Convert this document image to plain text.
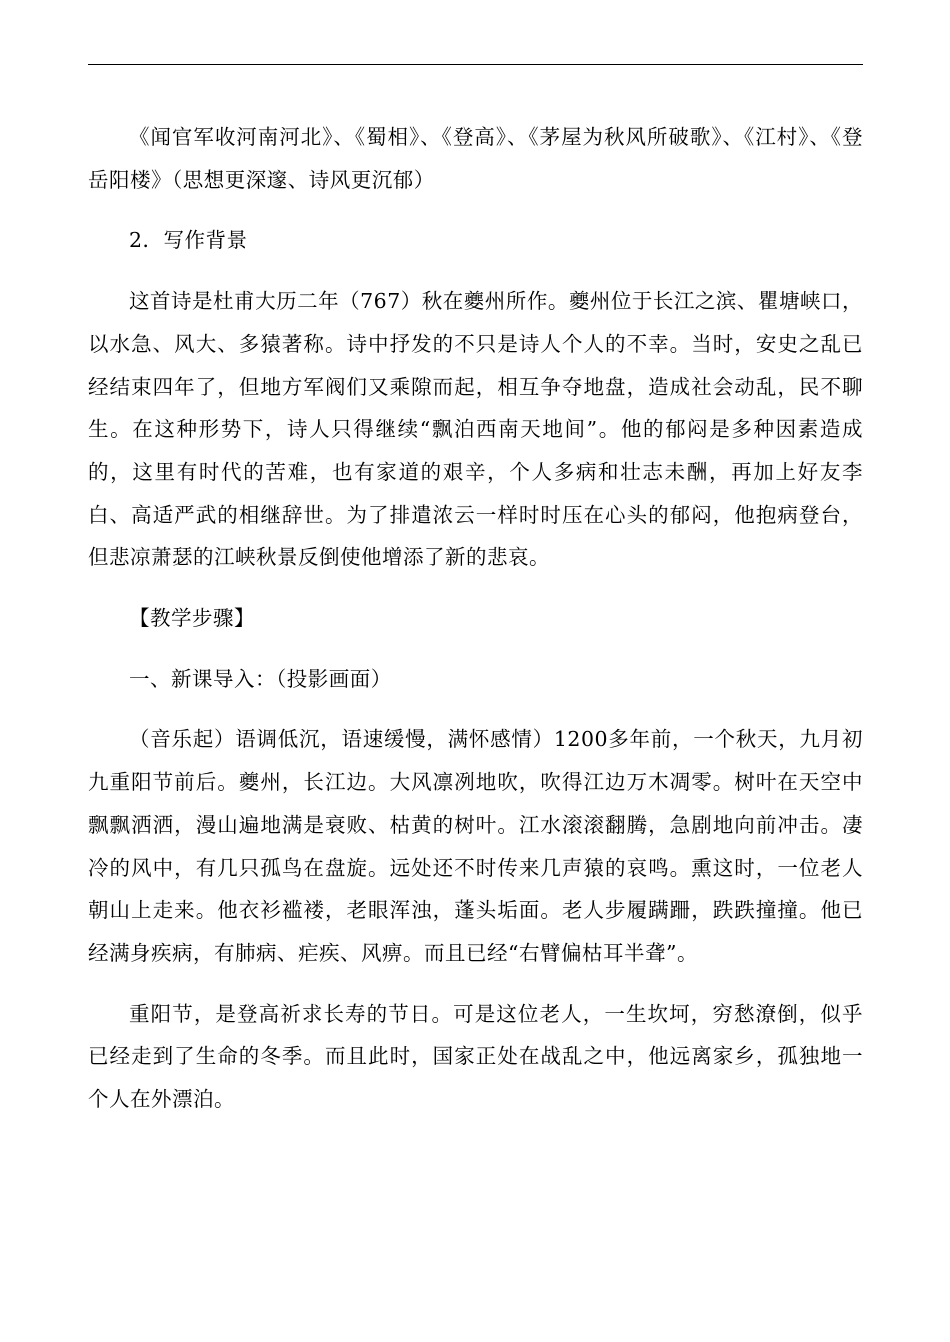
《闻官军收河南河北》、《蜀相》、《登高》、《茅屋为秋风所破歌》、《江村》、《登岳阳楼》（思想更深邃、诗风更沉郁）

2．写作背景

这首诗是杜甫大历二年（767）秋在夔州所作。夔州位于长江之滨、瞿塘峡口，以水急、风大、多猿著称。诗中抒发的不只是诗人个人的不幸。当时，安史之乱已经结束四年了，但地方军阀们又乘隙而起，相互争夺地盘，造成社会动乱，民不聊生。在这种形势下，诗人只得继续“飘泊西南天地间”。他的郁闷是多种因素造成的，这里有时代的苦难，也有家道的艰辛，个人多病和壮志未酬，再加上好友李白、高适严武的相继辞世。为了排遣浓云一样时时压在心头的郁闷，他抱病登台，但悲凉萧瑟的江峡秋景反倒使他增添了新的悲哀。

【教学步骤】

一、新课导入：（投影画面）

（音乐起）语调低沉，语速缓慢，满怀感情）1200多年前，一个秋天，九月初九重阳节前后。夔州，长江边。大风凛冽地吹，吹得江边万木凋零。树叶在天空中飘飘洒洒，漫山遍地满是衰败、枯黄的树叶。江水滚滚翻腾，急剧地向前冲击。凄冷的风中，有几只孤鸟在盘旋。远处还不时传来几声猿的哀鸣。熏这时，一位老人朝山上走来。他衣衫褴褛，老眼浑浊，蓬头垢面。老人步履蹒跚，跌跌撞撞。他已经满身疾病，有肺病、疟疾、风痹。而且已经“右臂偏枯耳半聋”。

重阳节，是登高祈求长寿的节日。可是这位老人，一生坎坷，穷愁潦倒，似乎已经走到了生命的冬季。而且此时，国家正处在战乱之中，他远离家乡，孤独地一个人在外漂泊。
